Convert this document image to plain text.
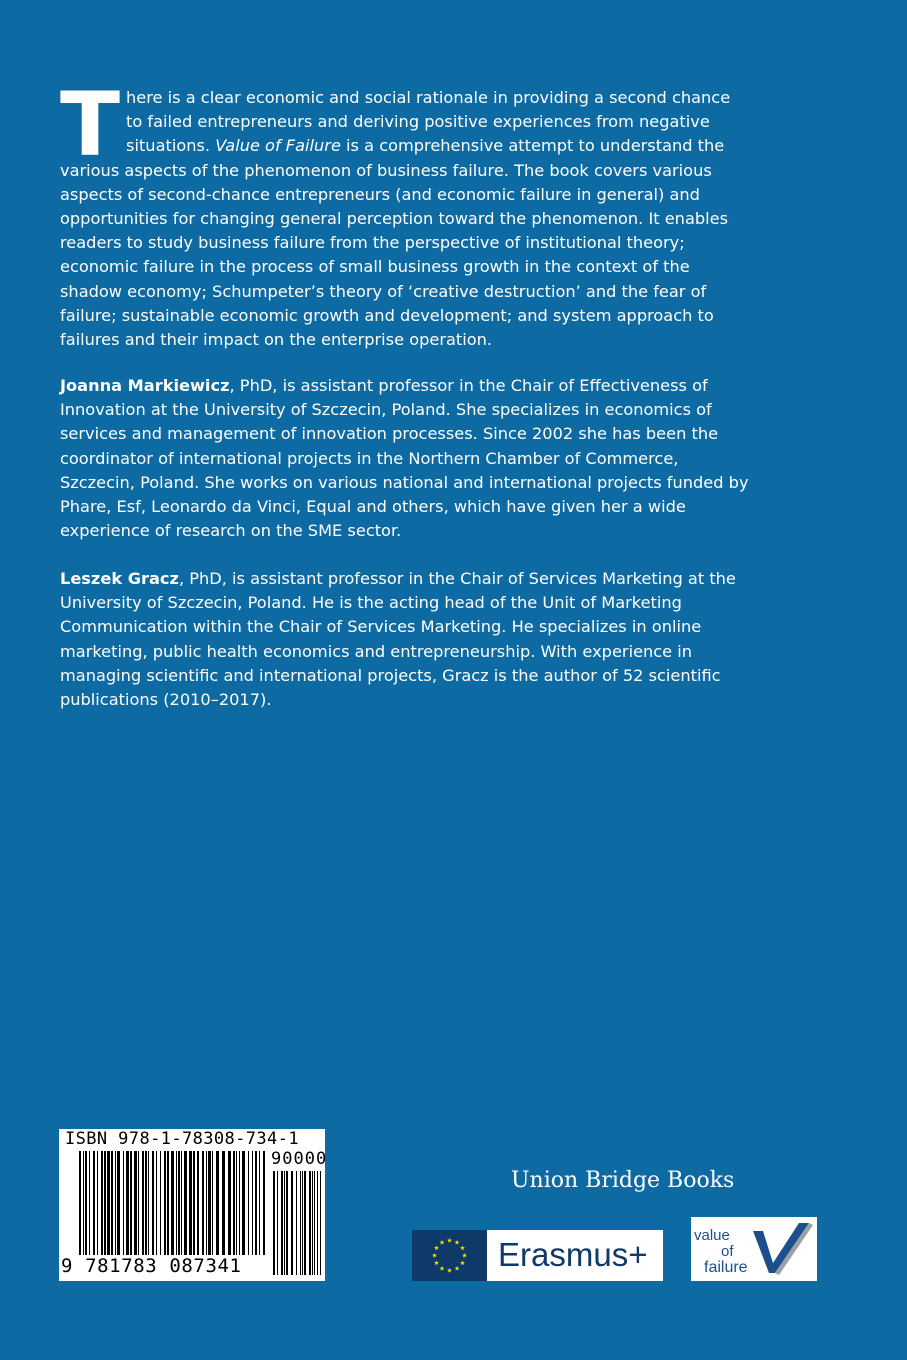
There is a clear economic and social rationale in providing a second chance to failed entrepreneurs and deriving positive experiences from negative situations. Value of Failure is a comprehensive attempt to understand the various aspects of the phenomenon of business failure. The book covers various aspects of second-chance entrepreneurs (and economic failure in general) and opportunities for changing general perception toward the phenomenon. It enables readers to study business failure from the perspective of institutional theory; economic failure in the process of small business growth in the context of the shadow economy; Schumpeter’s theory of ‘creative destruction’ and the fear of failure; sustainable economic growth and development; and system approach to failures and their impact on the enterprise operation.

Joanna Markiewicz, PhD, is assistant professor in the Chair of Effectiveness of Innovation at the University of Szczecin, Poland. She specializes in economics of services and management of innovation processes. Since 2002 she has been the coordinator of international projects in the Northern Chamber of Commerce, Szczecin, Poland. She works on various national and international projects funded by Phare, Esf, Leonardo da Vinci, Equal and others, which have given her a wide experience of research on the SME sector.

Leszek Gracz, PhD, is assistant professor in the Chair of Services Marketing at the University of Szczecin, Poland. He is the acting head of the Unit of Marketing Communication within the Chair of Services Marketing. He specializes in online marketing, public health economics and entrepreneurship. With experience in managing scientific and international projects, Gracz is the author of 52 scientific publications (2010–2017).

ISBN 978-1-78308-734-1
90000
9 781783 087341
Union Bridge Books
Erasmus+
value
of
failure
